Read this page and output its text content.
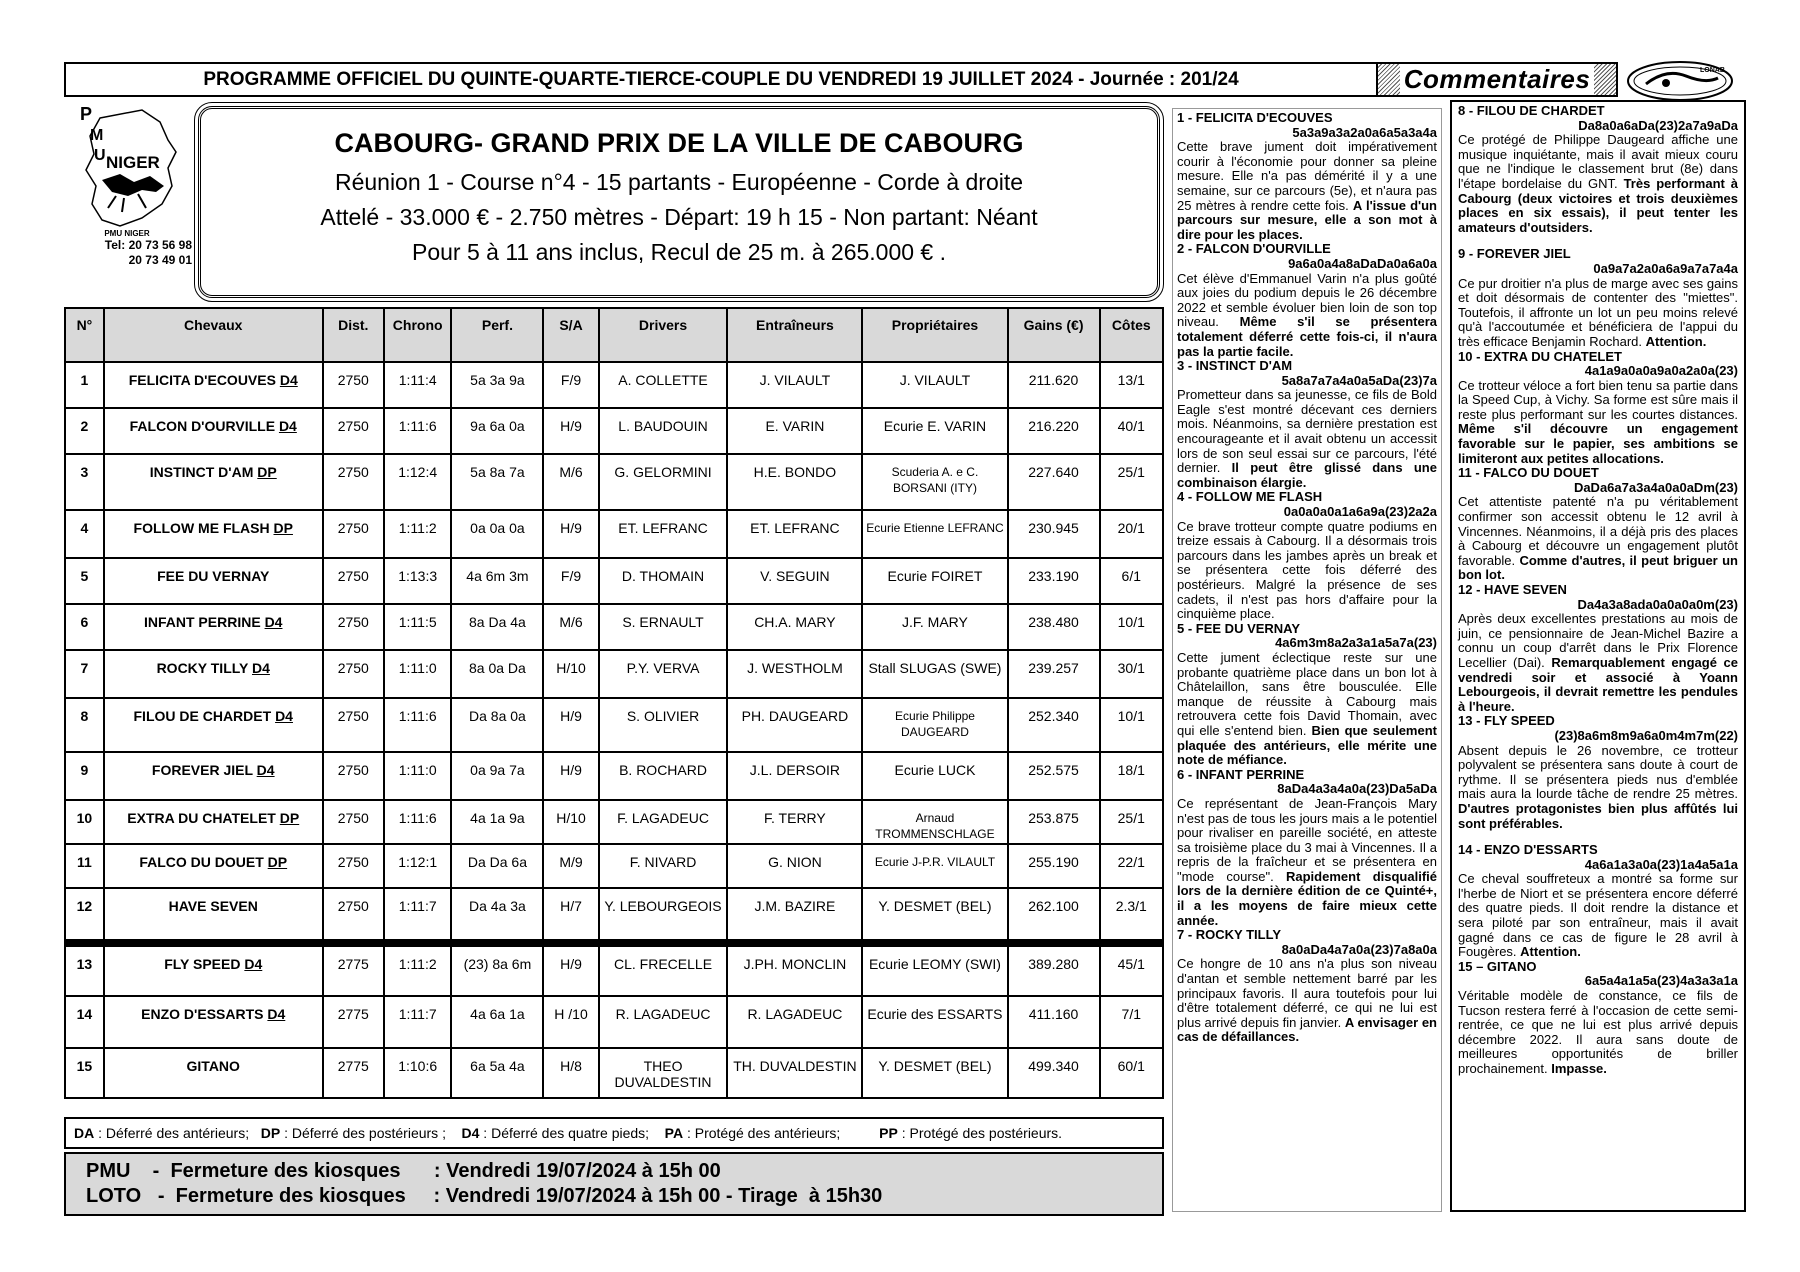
PROGRAMME OFFICIEL DU QUINTE-QUARTE-TIERCE-COUPLE DU VENDREDI 19 JUILLET 2024 - Journée : 201/24	Commentaires	LONAB
P
M
U NIGER
PMU NIGER
Tel: 20 73 56 98
20 73 49 01
CABOURG- GRAND PRIX DE LA VILLE DE CABOURG
Réunion 1 - Course n°4 - 15 partants - Européenne - Corde à droite
Attelé - 33.000 € - 2.750 mètres - Départ: 19 h 15 - Non partant: Néant
Pour 5 à 11 ans inclus, Recul de 25 m. à 265.000 € .
N°	Chevaux	Dist.	Chrono	Perf.	S/A	Drivers	Entraîneurs	Propriétaires	Gains (€)	Côtes
1	FELICITA D'ECOUVES D4	2750	1:11:4	5a 3a 9a	F/9	A. COLLETTE	J. VILAULT	J. VILAULT	211.620	13/1
2	FALCON D'OURVILLE D4	2750	1:11:6	9a 6a 0a	H/9	L. BAUDOUIN	E. VARIN	Ecurie E. VARIN	216.220	40/1
3	INSTINCT D'AM DP	2750	1:12:4	5a 8a 7a	M/6	G. GELORMINI	H.E. BONDO	Scuderia A. e C. BORSANI (ITY)	227.640	25/1
4	FOLLOW ME FLASH DP	2750	1:11:2	0a 0a 0a	H/9	ET. LEFRANC	ET. LEFRANC	Ecurie Etienne LEFRANC	230.945	20/1
5	FEE DU VERNAY	2750	1:13:3	4a 6m 3m	F/9	D. THOMAIN	V. SEGUIN	Ecurie FOIRET	233.190	6/1
6	INFANT PERRINE D4	2750	1:11:5	8a Da 4a	M/6	S. ERNAULT	CH.A. MARY	J.F. MARY	238.480	10/1
7	ROCKY TILLY D4	2750	1:11:0	8a 0a Da	H/10	P.Y. VERVA	J. WESTHOLM	Stall SLUGAS (SWE)	239.257	30/1
8	FILOU DE CHARDET D4	2750	1:11:6	Da 8a 0a	H/9	S. OLIVIER	PH. DAUGEARD	Ecurie Philippe DAUGEARD	252.340	10/1
9	FOREVER JIEL D4	2750	1:11:0	0a 9a 7a	H/9	B. ROCHARD	J.L. DERSOIR	Ecurie LUCK	252.575	18/1
10	EXTRA DU CHATELET DP	2750	1:11:6	4a 1a 9a	H/10	F. LAGADEUC	F. TERRY	Arnaud TROMMENSCHLAGE	253.875	25/1
11	FALCO DU DOUET DP	2750	1:12:1	Da Da 6a	M/9	F. NIVARD	G. NION	Ecurie J-P.R. VILAULT	255.190	22/1
12	HAVE SEVEN	2750	1:11:7	Da 4a 3a	H/7	Y. LEBOURGEOIS	J.M. BAZIRE	Y. DESMET (BEL)	262.100	2.3/1

13	FLY SPEED D4	2775	1:11:2	(23) 8a 6m	H/9	CL. FRECELLE	J.PH. MONCLIN	Ecurie LEOMY (SWI)	389.280	45/1
14	ENZO D'ESSARTS D4	2775	1:11:7	4a 6a 1a	H /10	R. LAGADEUC	R. LAGADEUC	Ecurie des ESSARTS	411.160	7/1
15	GITANO	2775	1:10:6	6a 5a 4a	H/8	THEO DUVALDESTIN	TH. DUVALDESTIN	Y. DESMET (BEL)	499.340	60/1
DA : Déferré des antérieurs; DP : Déferré des postérieurs ; D4 : Déferré des quatre pieds; PA : Protégé des antérieurs; PP : Protégé des postérieurs.
PMU    -  Fermeture des kiosques      : Vendredi 19/07/2024 à 15h 00
LOTO   -  Fermeture des kiosques     : Vendredi 19/07/2024 à 15h 00 - Tirage  à 15h30
1 - FELICITA D'ECOUVES
5a3a9a3a2a0a6a5a3a4a
Cette brave jument doit impérativement courir à l'économie pour donner sa pleine mesure. Elle n'a pas démérité il y a une semaine, sur ce parcours (5e), et n'aura pas 25 mètres à rendre cette fois. A l'issue d'un parcours sur mesure, elle a son mot à dire pour les places.
2 - FALCON D'OURVILLE
9a6a0a4a8aDaDa0a6a0a
Cet élève d'Emmanuel Varin n'a plus goûté aux joies du podium depuis le 26 décembre 2022 et semble évoluer bien loin de son top niveau. Même s'il se présentera totalement déferré cette fois-ci, il n'aura pas la partie facile.
3 - INSTINCT D'AM
5a8a7a7a4a0a5aDa(23)7a
Prometteur dans sa jeunesse, ce fils de Bold Eagle s'est montré décevant ces derniers mois. Néanmoins, sa dernière prestation est encourageante et il avait obtenu un accessit lors de son seul essai sur ce parcours, l'été dernier. Il peut être glissé dans une combinaison élargie.
4 - FOLLOW ME FLASH
0a0a0a0a1a6a9a(23)2a2a
Ce brave trotteur compte quatre podiums en treize essais à Cabourg. Il a désormais trois parcours dans les jambes après un break et se présentera cette fois déferré des postérieurs. Malgré la présence de ses cadets, il n'est pas hors d'affaire pour la cinquième place.
5 - FEE DU VERNAY
4a6m3m8a2a3a1a5a7a(23)
Cette jument éclectique reste sur une probante quatrième place dans un bon lot à Châtelaillon, sans être bousculée. Elle manque de réussite à Cabourg mais retrouvera cette fois David Thomain, avec qui elle s'entend bien. Bien que seulement plaquée des antérieurs, elle mérite une note de méfiance.
6 - INFANT PERRINE
8aDa4a3a4a0a(23)Da5aDa
Ce représentant de Jean-François Mary n'est pas de tous les jours mais a le potentiel pour rivaliser en pareille société, en atteste sa troisième place du 3 mai à Vincennes. Il a repris de la fraîcheur et se présentera en "mode course". Rapidement disqualifié lors de la dernière édition de ce Quinté+, il a les moyens de faire mieux cette année.
7 - ROCKY TILLY
8a0aDa4a7a0a(23)7a8a0a
Ce hongre de 10 ans n'a plus son niveau d'antan et semble nettement barré par les principaux favoris. Il aura toutefois pour lui d'être totalement déferré, ce qui ne lui est plus arrivé depuis fin janvier. A envisager en cas de défaillances.
8 - FILOU DE CHARDET
Da8a0a6aDa(23)2a7a9aDa
Ce protégé de Philippe Daugeard affiche une musique inquiétante, mais il avait mieux couru que ne l'indique le classement brut (8e) dans l'étape bordelaise du GNT. Très performant à Cabourg (deux victoires et trois deuxièmes places en six essais), il peut tenter les amateurs d'outsiders.
9 - FOREVER JIEL
0a9a7a2a0a6a9a7a7a4a
Ce pur droitier n'a plus de marge avec ses gains et doit désormais de contenter des "miettes". Toutefois, il affronte un lot un peu moins relevé qu'à l'accoutumée et bénéficiera de l'appui du très efficace Benjamin Rochard. Attention.
10 - EXTRA DU CHATELET
4a1a9a0a0a9a0a2a0a(23)
Ce trotteur véloce a fort bien tenu sa partie dans la Speed Cup, à Vichy. Sa forme est sûre mais il reste plus performant sur les courtes distances. Même s'il découvre un engagement favorable sur le papier, ses ambitions se limiteront aux petites allocations.
11 - FALCO DU DOUET
DaDa6a7a3a4a0a0aDm(23)
Cet attentiste patenté n'a pu véritablement confirmer son accessit obtenu le 12 avril à Vincennes. Néanmoins, il a déjà pris des places à Cabourg et découvre un engagement plutôt favorable. Comme d'autres, il peut briguer un bon lot.
12 - HAVE SEVEN
Da4a3a8ada0a0a0a0m(23)
Après deux excellentes prestations au mois de juin, ce pensionnaire de Jean-Michel Bazire a connu un coup d'arrêt dans le Prix Florence Lecellier (Dai). Remarquablement engagé ce vendredi soir et associé à Yoann Lebourgeois, il devrait remettre les pendules à l'heure.
13 - FLY SPEED
(23)8a6m8m9a6a0m4m7m(22)
Absent depuis le 26 novembre, ce trotteur polyvalent se présentera sans doute à court de rythme. Il se présentera pieds nus d'emblée mais aura la lourde tâche de rendre 25 mètres. D'autres protagonistes bien plus affûtés lui sont préférables.
14 - ENZO D'ESSARTS
4a6a1a3a0a(23)1a4a5a1a
Ce cheval souffreteux a montré sa forme sur l'herbe de Niort et se présentera encore déferré des quatre pieds. Il doit rendre la distance et sera piloté par son entraîneur, mais il avait gagné dans ce cas de figure le 28 avril à Fougères. Attention.
15 – GITANO
6a5a4a1a5a(23)4a3a3a1a
Véritable modèle de constance, ce fils de Tucson restera ferré à l'occasion de cette semi-rentrée, ce que ne lui est plus arrivé depuis décembre 2022. Il aura sans doute de meilleures opportunités de briller prochainement. Impasse.
